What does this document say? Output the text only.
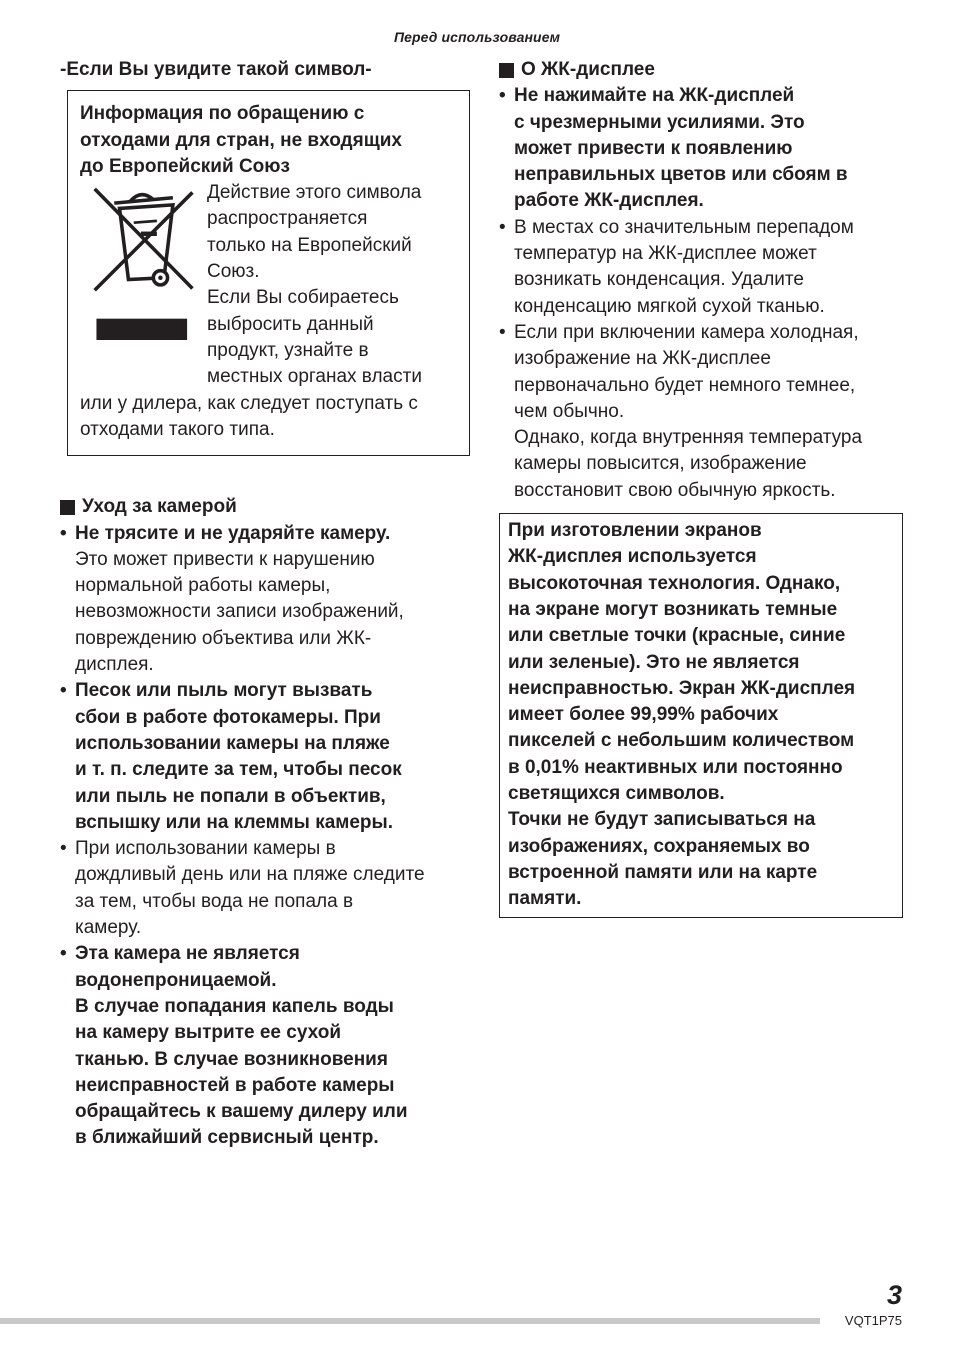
Перед использованием

-Если Вы увидите такой символ-

Информация по обращению с
отходами для стран, не входящих
до Европейский Союз
Действие этого символа
распространяется
только на Европейский
Союз.
Если Вы собираетесь
выбросить данный
продукт, узнайте в
местных органах власти
или у дилера, как следует поступать с
отходами такого типа.
Уход за камерой
• Не трясите и не ударяйте камеру.
Это может привести к нарушению
нормальной работы камеры,
невозможности записи изображений,
повреждению объектива или ЖК-
дисплея.
• Песок или пыль могут вызвать
сбои в работе фотокамеры. При
использовании камеры на пляже
и т. п. следите за тем, чтобы песок
или пыль не попали в объектив,
вспышку или на клеммы камеры.
• При использовании камеры в
дождливый день или на пляже следите
за тем, чтобы вода не попала в
камеру.
• Эта камера не является
водонепроницаемой.
В случае попадания капель воды
на камеру вытрите ее сухой
тканью. В случае возникновения
неисправностей в работе камеры
обращайтесь к вашему дилеру или
в ближайший сервисный центр.
О ЖК-дисплее
• Не нажимайте на ЖК-дисплей
с чрезмерными усилиями. Это
может привести к появлению
неправильных цветов или сбоям в
работе ЖК-дисплея.
• В местах со значительным перепадом
температур на ЖК-дисплее может
возникать конденсация. Удалите
конденсацию мягкой сухой тканью.
• Если при включении камера холодная,
изображение на ЖК-дисплее
первоначально будет немного темнее,
чем обычно.
Однако, когда внутренняя температура
камеры повысится, изображение
восстановит свою обычную яркость.

При изготовлении экранов

ЖК-дисплея используется

высокоточная технология. Однако,

на экране могут возникать темные

или светлые точки (красные, синие

или зеленые). Это не является

неисправностью. Экран ЖК-дисплея

имеет более 99,99% рабочих

пикселей с небольшим количеством

в 0,01% неактивных или постоянно

светящихся символов.

Точки не будут записываться на

изображениях, сохраняемых во

встроенной памяти или на карте

памяти.

3
VQT1P75
